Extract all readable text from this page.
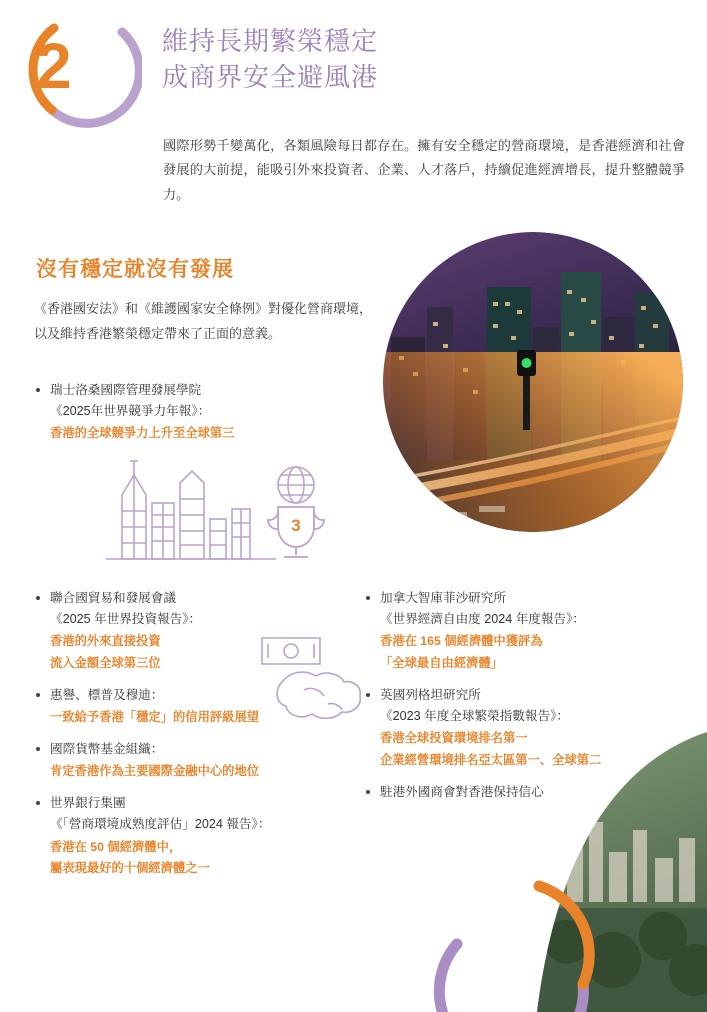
2	維持長期繁榮穩定
成商界安全避風港
國際形勢千變萬化，各類風險每日都存在。擁有安全穩定的營商環境，是香港經濟和社會發展的大前提，能吸引外來投資者、企業、人才落戶，持續促進經濟增長，提升整體競爭力。
沒有穩定就沒有發展
《香港國安法》和《維護國家安全條例》對優化營商環境，以及維持香港繁榮穩定帶來了正面的意義。
瑞士洛桑國際管理發展學院
《2025年世界競爭力年報》：
香港的全球競爭力上升至全球第三
3
聯合國貿易和發展會議
《2025 年世界投資報告》：
香港的外來直接投資
流入金額全球第三位
惠譽、標普及穆迪：
一致給予香港「穩定」的信用評級展望
國際貨幣基金組織：
肯定香港作為主要國際金融中心的地位
世界銀行集團
《「營商環境成熟度評估」2024 報告》：
香港在 50 個經濟體中，
屬表現最好的十個經濟體之一
加拿大智庫菲沙研究所
《世界經濟自由度 2024 年度報告》：
香港在 165 個經濟體中獲評為
「全球最自由經濟體」
英國列格坦研究所
《2023 年度全球繁榮指數報告》：
香港全球投資環境排名第一
企業經營環境排名亞太區第一、全球第二
駐港外國商會對香港保持信心
